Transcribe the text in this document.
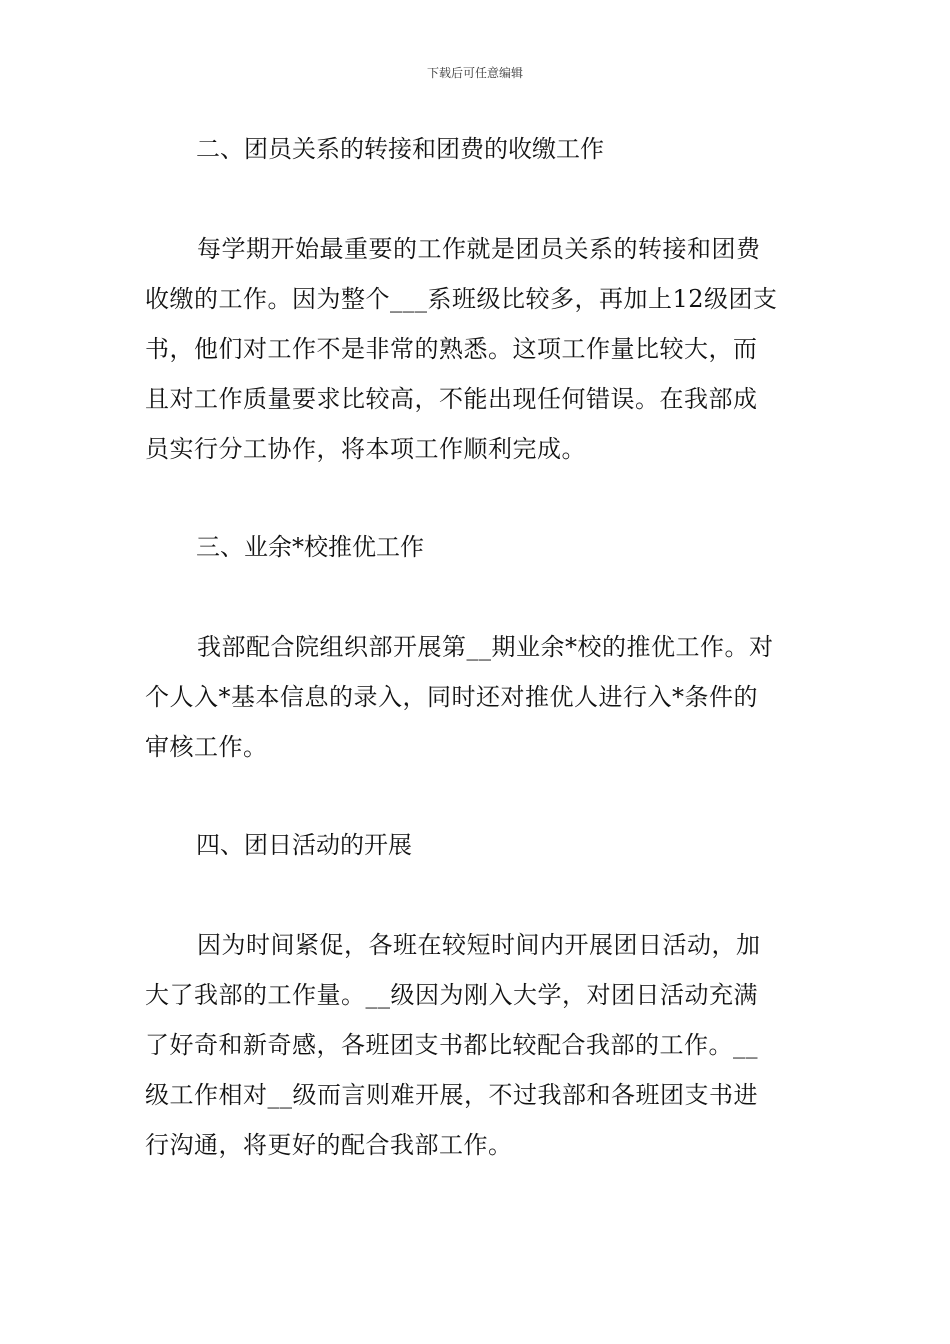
下载后可任意编辑
二、团员关系的转接和团费的收缴工作
每学期开始最重要的工作就是团员关系的转接和团费
收缴的工作。因为整个___系班级比较多，再加上12级团支
书，他们对工作不是非常的熟悉。这项工作量比较大，而
且对工作质量要求比较高，不能出现任何错误。在我部成
员实行分工协作，将本项工作顺利完成。
三、业余*校推优工作
我部配合院组织部开展第__期业余*校的推优工作。对
个人入*基本信息的录入，同时还对推优人进行入*条件的
审核工作。
四、团日活动的开展
因为时间紧促，各班在较短时间内开展团日活动，加
大了我部的工作量。__级因为刚入大学，对团日活动充满
了好奇和新奇感，各班团支书都比较配合我部的工作。__
级工作相对__级而言则难开展，不过我部和各班团支书进
行沟通，将更好的配合我部工作。
